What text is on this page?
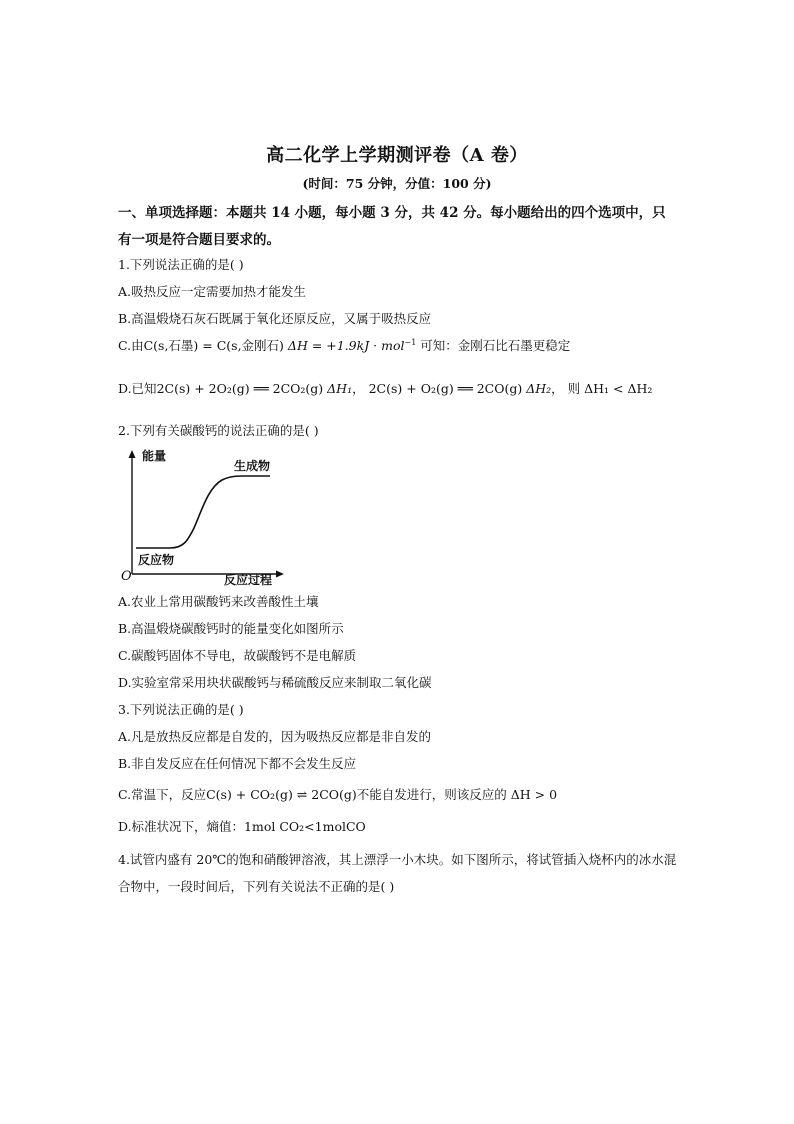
高二化学上学期测评卷（A 卷）
(时间：75 分钟，分值：100 分)
一、单项选择题：本题共 14 小题，每小题 3 分，共 42 分。每小题给出的四个选项中，只有一项是符合题目要求的。
1.下列说法正确的是( )
A.吸热反应一定需要加热才能发生
B.高温煅烧石灰石既属于氧化还原反应，又属于吸热反应
C.由C(s,石墨) = C(s,金刚石) ΔH = +1.9kJ · mol$^{-1}$ 可知：金刚石比石墨更稳定
D.已知2C(s) + 2O₂(g) ══ 2CO₂(g) ΔH₁， 2C(s) + O₂(g) ══ 2CO(g) ΔH₂， 则 ΔH₁ < ΔH₂
2.下列有关碳酸钙的说法正确的是( )
能量
生成物
反应物
O	反应过程
A.农业上常用碳酸钙来改善酸性土壤
B.高温煅烧碳酸钙时的能量变化如图所示
C.碳酸钙固体不导电，故碳酸钙不是电解质
D.实验室常采用块状碳酸钙与稀硫酸反应来制取二氧化碳
3.下列说法正确的是( )
A.凡是放热反应都是自发的，因为吸热反应都是非自发的
B.非自发反应在任何情况下都不会发生反应
C.常温下，反应C(s) + CO₂(g) ⇌ 2CO(g)不能自发进行，则该反应的 ΔH > 0
D.标准状况下，熵值：1mol CO₂<1molCO
4.试管内盛有 20℃的饱和硝酸钾溶液，其上漂浮一小木块。如下图所示，将试管插入烧杯内的冰水混合物中，一段时间后，下列有关说法不正确的是( )
